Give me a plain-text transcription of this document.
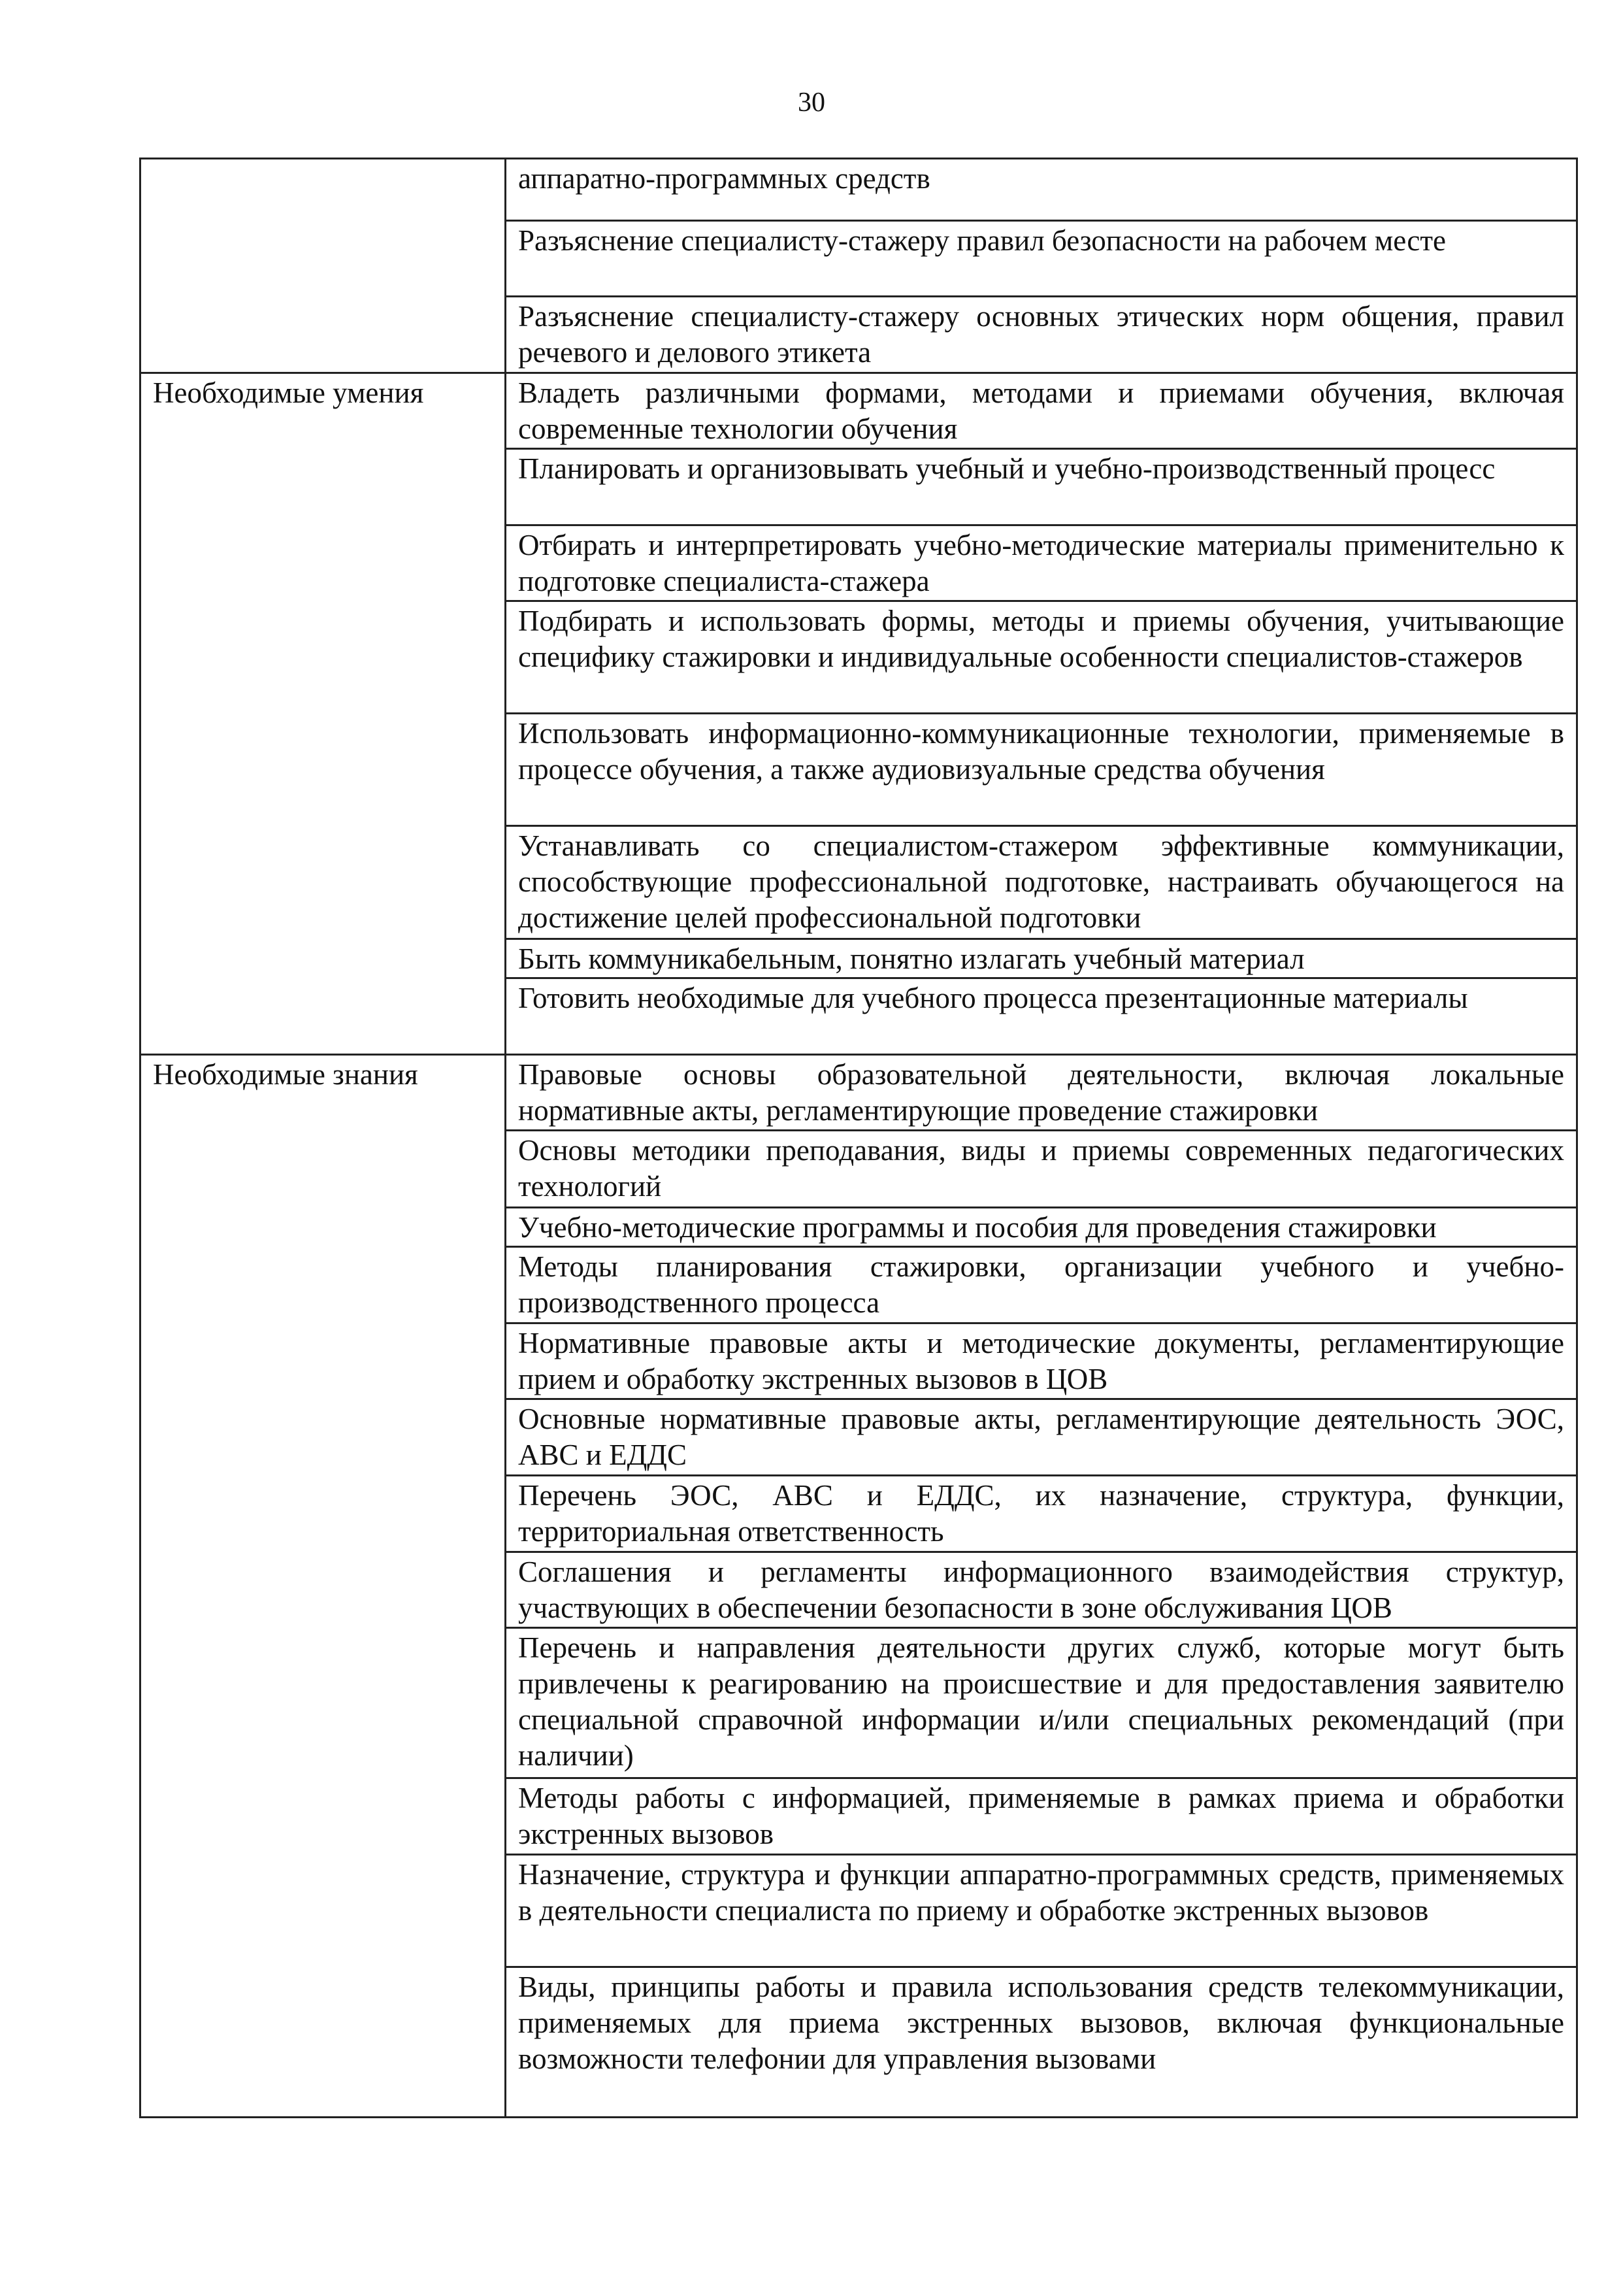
30

	аппаратно-программных средств

	Разъяснение специалисту-стажеру правил безопасности на рабочем месте

	Разъяснение специалисту-стажеру основных этических норм общения, правил речевого и делового этикета

Необходимые умения	Владеть различными формами, методами и приемами обучения, включая современные технологии обучения

	Планировать и организовывать учебный и учебно-производственный процесс

	Отбирать и интерпретировать учебно-методические материалы применительно к подготовке специалиста-стажера

	Подбирать и использовать формы, методы и приемы обучения, учитывающие специфику стажировки и индивидуальные особенности специалистов-стажеров

	Использовать информационно-коммуникационные технологии, применяемые в процессе обучения, а также аудиовизуальные средства обучения

	Устанавливать со специалистом-стажером эффективные коммуникации, способствующие профессиональной подготовке, настраивать обучающегося на достижение целей профессиональной подготовки

	Быть коммуникабельным, понятно излагать учебный материал

	Готовить необходимые для учебного процесса презентационные материалы

Необходимые знания	Правовые основы образовательной деятельности, включая локальные нормативные акты, регламентирующие проведение стажировки

	Основы методики преподавания, виды и приемы современных педагогических технологий

	Учебно-методические программы и пособия для проведения стажировки

	Методы планирования стажировки, организации учебного и учебно-производственного процесса

	Нормативные правовые акты и методические документы, регламентирующие прием и обработку экстренных вызовов в ЦОВ

	Основные нормативные правовые акты, регламентирующие деятельность ЭОС, АВС и ЕДДС

	Перечень ЭОС, АВС и ЕДДС, их назначение, структура, функции, территориальная ответственность

	Соглашения и регламенты информационного взаимодействия структур, участвующих в обеспечении безопасности в зоне обслуживания ЦОВ

	Перечень и направления деятельности других служб, которые могут быть привлечены к реагированию на происшествие и для предоставления заявителю специальной справочной информации и/или специальных рекомендаций (при наличии)

	Методы работы с информацией, применяемые в рамках приема и обработки экстренных вызовов

	Назначение, структура и функции аппаратно-программных средств, применяемых в деятельности специалиста по приему и обработке экстренных вызовов

	Виды, принципы работы и правила использования средств телекоммуникации, применяемых для приема экстренных вызовов, включая функциональные возможности телефонии для управления вызовами
